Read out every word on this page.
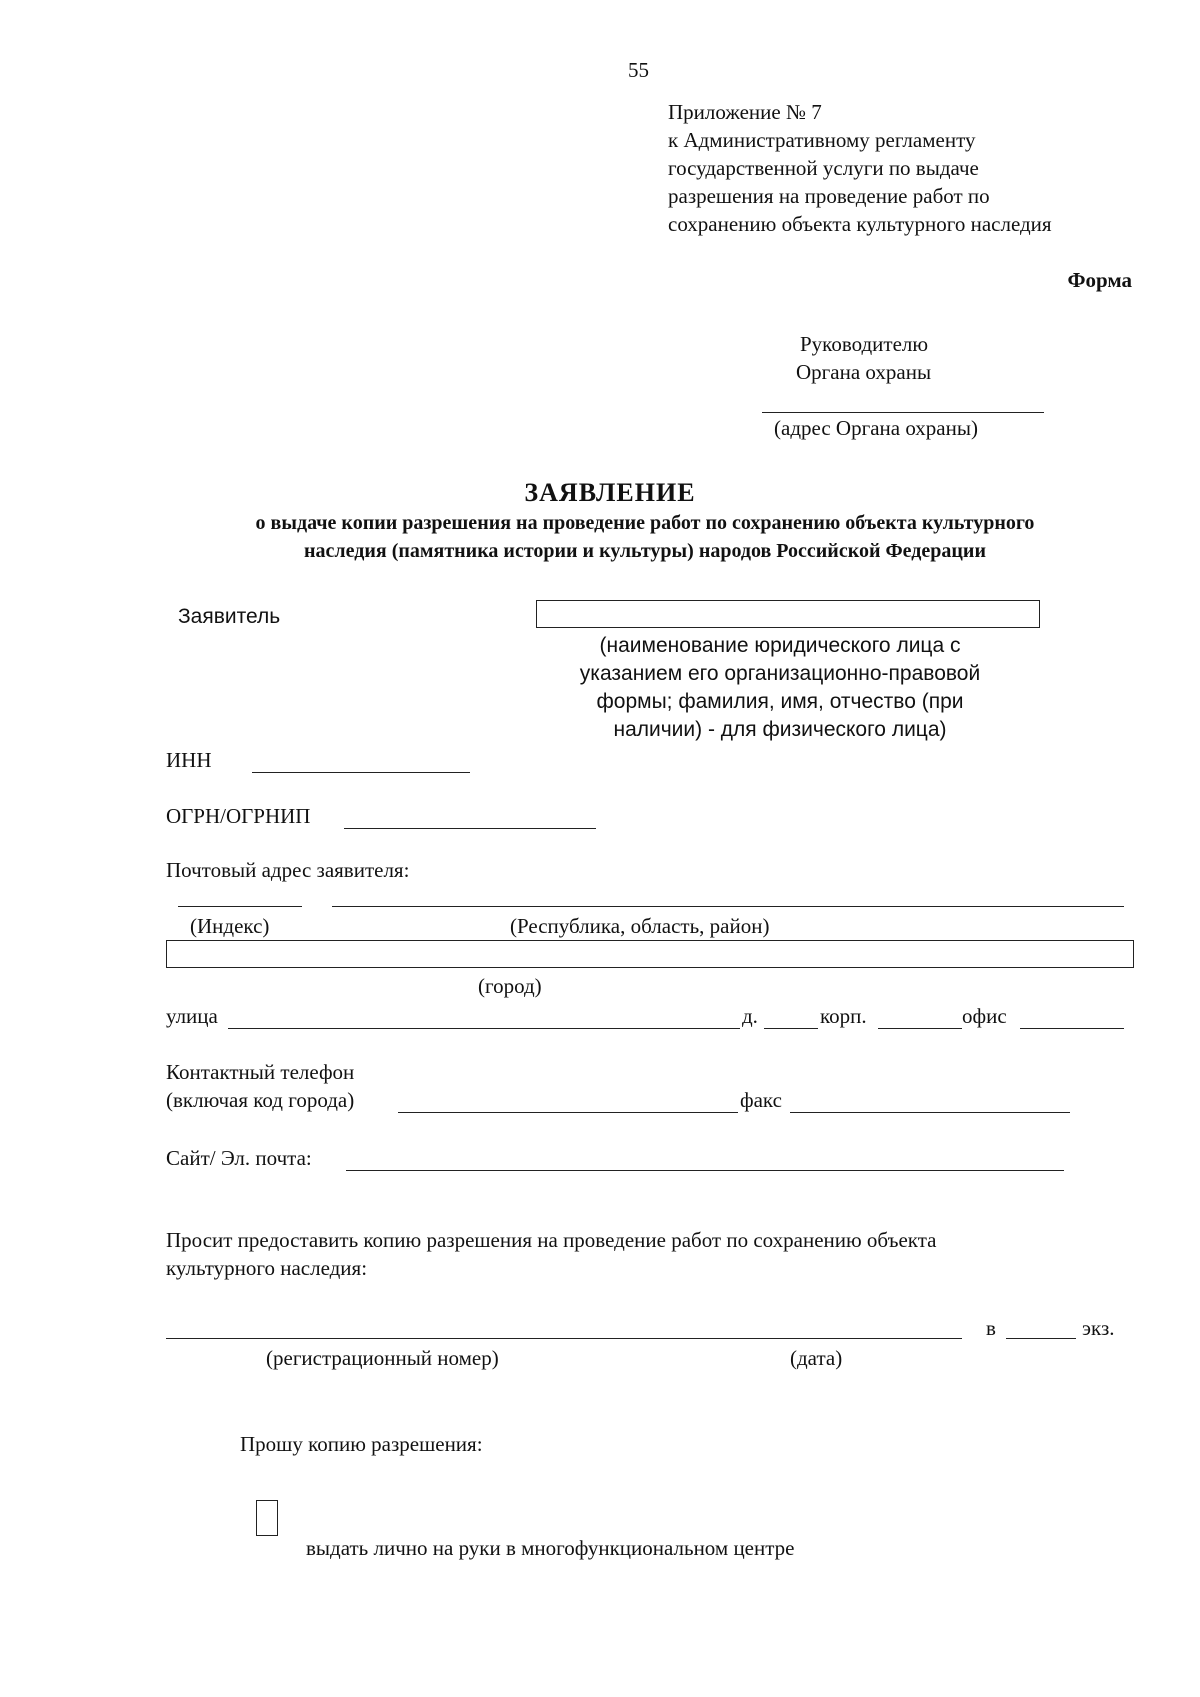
55
Приложение № 7
к Административному регламенту
государственной услуги по выдаче
разрешения на проведение работ по
сохранению объекта культурного наследия
Форма
Руководителю
Органа охраны
(адрес Органа охраны)
ЗАЯВЛЕНИЕ
о выдаче копии разрешения на проведение работ по сохранению объекта культурного
наследия (памятника истории и культуры) народов Российской Федерации
Заявитель
(наименование юридического лица с
указанием его организационно-правовой
формы; фамилия, имя, отчество (при
наличии) - для физического лица)
ИНН
ОГРН/ОГРНИП
Почтовый адрес заявителя:
(Индекс)	(Республика, область, район)
(город)
улица	д.	корп.	офис
Контактный телефон
(включая код города)	факс
Сайт/ Эл. почта:
Просит предоставить копию разрешения на проведение работ по сохранению объекта
культурного наследия:
в	экз.
(регистрационный номер)	(дата)
Прошу копию разрешения:
выдать лично на руки в многофункциональном центре
